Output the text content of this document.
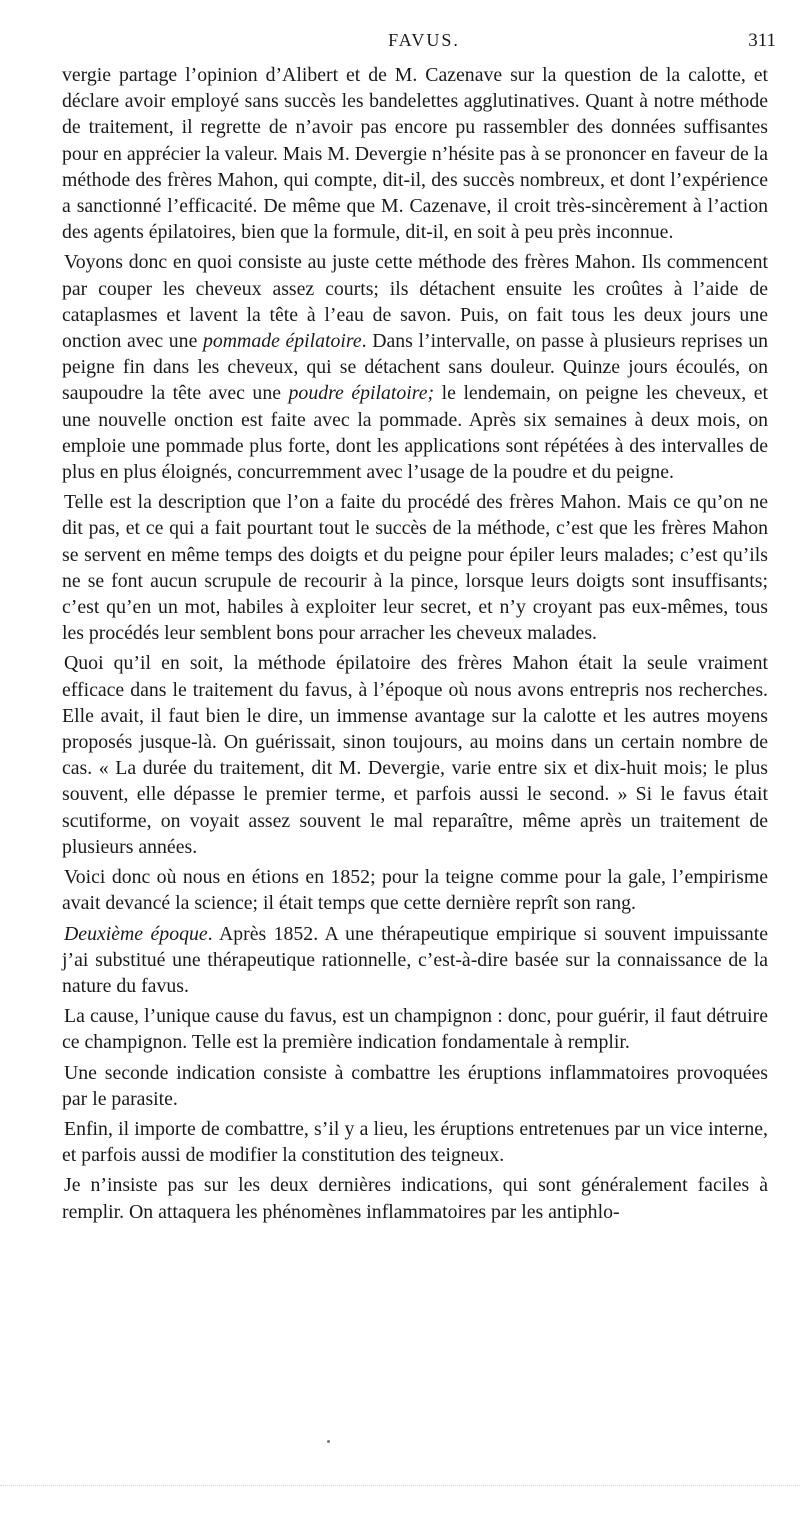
FAVUS.	311

vergie partage l’opinion d’Alibert et de M. Cazenave sur la question de la calotte, et déclare avoir employé sans succès les bandelettes agglutinatives. Quant à notre méthode de traitement, il regrette de n’avoir pas encore pu rassembler des données suffisantes pour en apprécier la valeur. Mais M. Devergie n’hésite pas à se prononcer en faveur de la méthode des frères Mahon, qui compte, dit-il, des succès nombreux, et dont l’expérience a sanctionné l’efficacité. De même que M. Cazenave, il croit très-sincèrement à l’action des agents épilatoires, bien que la formule, dit-il, en soit à peu près inconnue.

Voyons donc en quoi consiste au juste cette méthode des frères Mahon. Ils commencent par couper les cheveux assez courts; ils détachent ensuite les croûtes à l’aide de cataplasmes et lavent la tête à l’eau de savon. Puis, on fait tous les deux jours une onction avec une pommade épilatoire. Dans l’intervalle, on passe à plusieurs reprises un peigne fin dans les cheveux, qui se détachent sans douleur. Quinze jours écoulés, on saupoudre la tête avec une poudre épilatoire; le lendemain, on peigne les cheveux, et une nouvelle onction est faite avec la pommade. Après six semaines à deux mois, on emploie une pommade plus forte, dont les applications sont répétées à des intervalles de plus en plus éloignés, concurremment avec l’usage de la poudre et du peigne.

Telle est la description que l’on a faite du procédé des frères Mahon. Mais ce qu’on ne dit pas, et ce qui a fait pourtant tout le succès de la méthode, c’est que les frères Mahon se servent en même temps des doigts et du peigne pour épiler leurs malades; c’est qu’ils ne se font aucun scrupule de recourir à la pince, lorsque leurs doigts sont insuffisants; c’est qu’en un mot, habiles à exploiter leur secret, et n’y croyant pas eux-mêmes, tous les procédés leur semblent bons pour arracher les cheveux malades.

Quoi qu’il en soit, la méthode épilatoire des frères Mahon était la seule vraiment efficace dans le traitement du favus, à l’époque où nous avons entrepris nos recherches. Elle avait, il faut bien le dire, un immense avantage sur la calotte et les autres moyens proposés jusque-là. On guérissait, sinon toujours, au moins dans un certain nombre de cas. « La durée du traitement, dit M. Devergie, varie entre six et dix-huit mois; le plus souvent, elle dépasse le premier terme, et parfois aussi le second. » Si le favus était scutiforme, on voyait assez souvent le mal reparaître, même après un traitement de plusieurs années.

Voici donc où nous en étions en 1852; pour la teigne comme pour la gale, l’empirisme avait devancé la science; il était temps que cette dernière reprît son rang.

Deuxième époque. Après 1852. A une thérapeutique empirique si souvent impuissante j’ai substitué une thérapeutique rationnelle, c’est-à-dire basée sur la connaissance de la nature du favus.

La cause, l’unique cause du favus, est un champignon : donc, pour guérir, il faut détruire ce champignon. Telle est la première indication fondamentale à remplir.

Une seconde indication consiste à combattre les éruptions inflammatoires provoquées par le parasite.

Enfin, il importe de combattre, s’il y a lieu, les éruptions entretenues par un vice interne, et parfois aussi de modifier la constitution des teigneux.

Je n’insiste pas sur les deux dernières indications, qui sont généralement faciles à remplir. On attaquera les phénomènes inflammatoires par les antiphlo-
